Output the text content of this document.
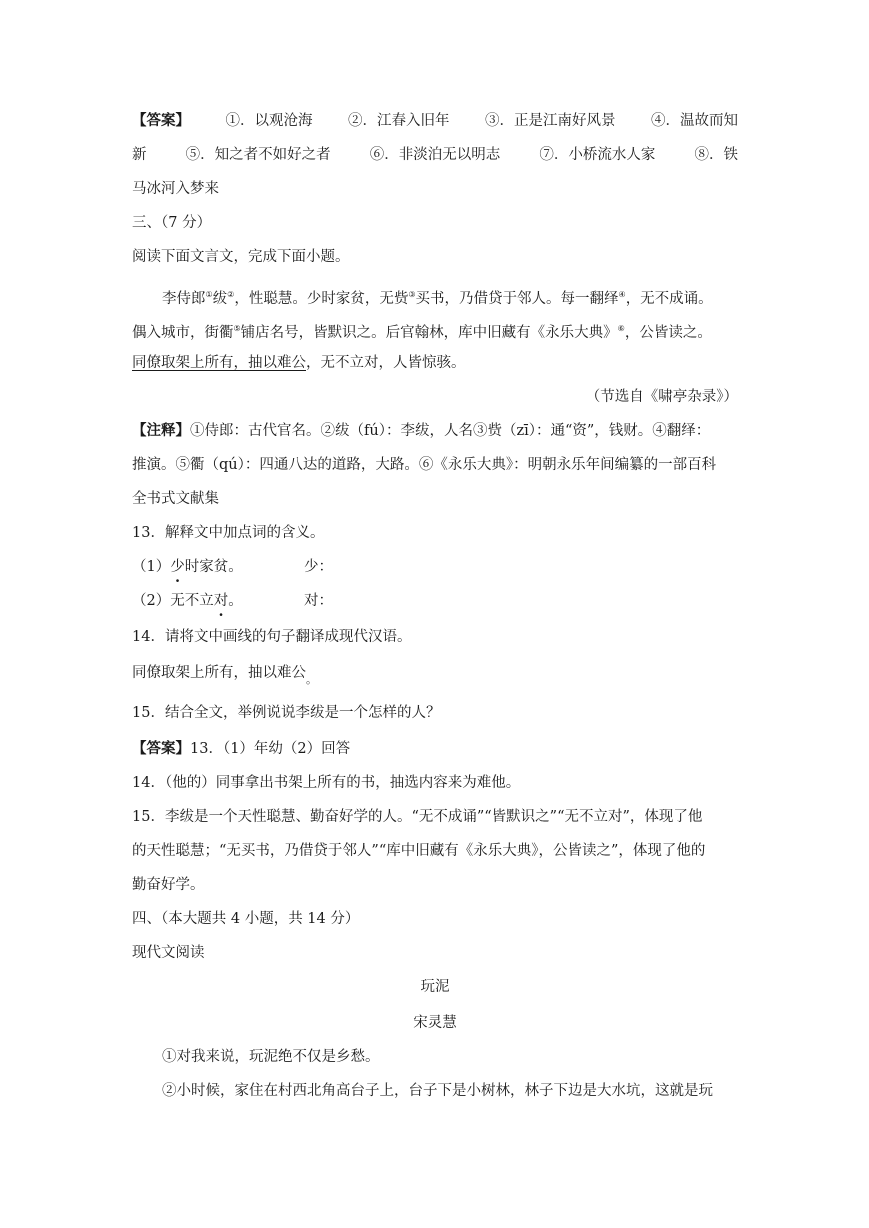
【答案】 ①．以观沧海 ②．江春入旧年 ③．正是江南好风景 ④．温故而知
新	⑤．知之者不如好之者	⑥．非淡泊无以明志	⑦．小桥流水人家	⑧．铁
马冰河入梦来
三、（7 分）
阅读下面文言文，完成下面小题。
李侍郎①绂②，性聪慧。少时家贫，无赀③买书，乃借贷于邻人。每一翻绎④，无不成诵。
偶入城市，街衢⑤铺店名号，皆默识之。后官翰林，库中旧藏有《永乐大典》⑥，公皆读之。
同僚取架上所有，抽以难公，无不立对，人皆惊骇。
（节选自《啸亭杂录》）
【注释】①侍郎：古代官名。②绂（fú）：李绂，人名③赀（zī）：通“资”，钱财。④翻绎：
推演。⑤衢（qú）：四通八达的道路，大路。⑥《永乐大典》：明朝永乐年间编纂的一部百科
全书式文献集
13．解释文中加点词的含义。
（1）少时家贫。	少：
（2）无不立对。	对：
14．请将文中画线的句子翻译成现代汉语。
同僚取架上所有，抽以难公$_。$
15．结合全文，举例说说李绂是一个怎样的人？
【答案】13．（1）年幼（2）回答
14．（他的）同事拿出书架上所有的书，抽选内容来为难他。
15．李绂是一个天性聪慧、勤奋好学的人。“无不成诵”“皆默识之”“无不立对”，体现了他
的天性聪慧；“无买书，乃借贷于邻人”“库中旧藏有《永乐大典》，公皆读之”，体现了他的
勤奋好学。
四、（本大题共 4 小题，共 14 分）
现代文阅读
玩泥
宋灵慧
①对我来说，玩泥绝不仅是乡愁。
②小时候，家住在村西北角高台子上，台子下是小树林，林子下边是大水坑，这就是玩
